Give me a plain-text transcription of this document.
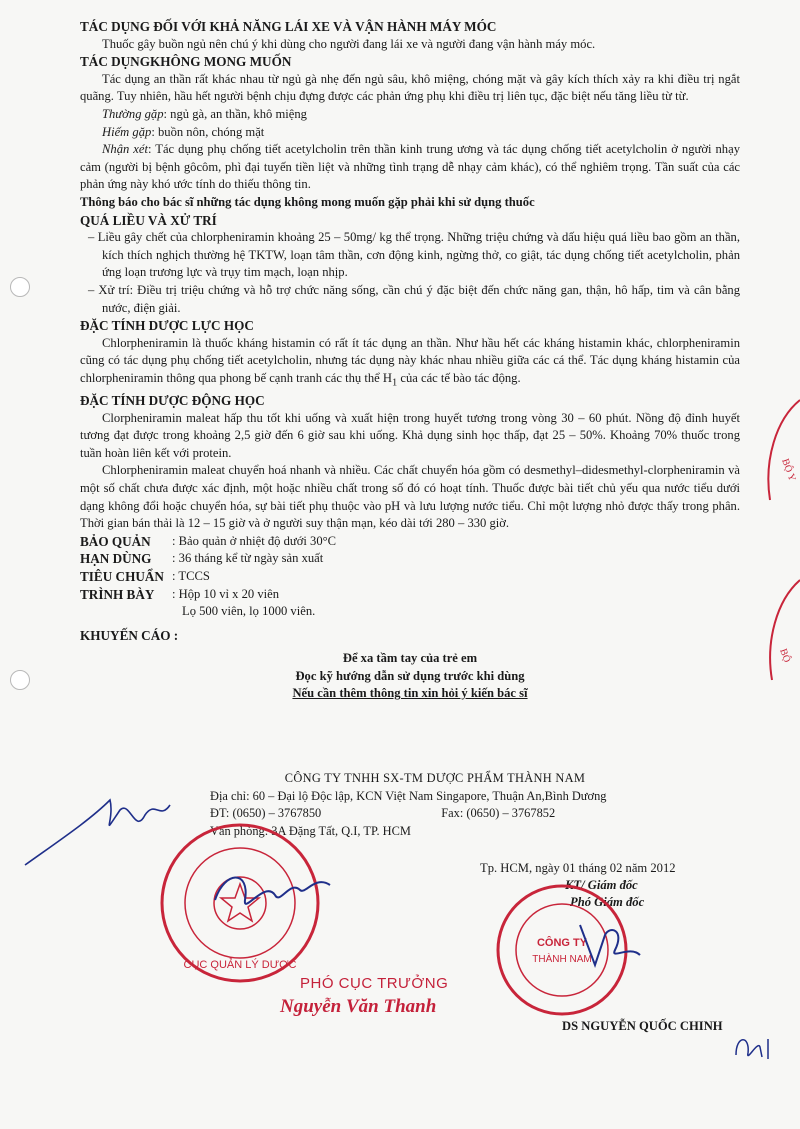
BỘ Y
BỘ

TÁC DỤNG ĐỐI VỚI KHẢ NĂNG LÁI XE VÀ VẬN HÀNH MÁY MÓC

Thuốc gây buồn ngủ nên chú ý khi dùng cho người đang lái xe và người đang vận hành máy móc.

TÁC DỤNGKHÔNG MONG MUỐN

Tác dụng an thần rất khác nhau từ ngủ gà nhẹ đến ngủ sâu, khô miệng, chóng mặt và gây kích thích xảy ra khi điều trị ngắt quãng. Tuy nhiên, hầu hết người bệnh chịu đựng được các phản ứng phụ khi điều trị liên tục, đặc biệt nếu tăng liều từ từ.

Thường gặp: ngủ gà, an thần, khô miệng

Hiếm gặp: buồn nôn, chóng mặt

Nhận xét: Tác dụng phụ chống tiết acetylcholin trên thần kinh trung ương và tác dụng chống tiết acetylcholin ở người nhạy cảm (người bị bệnh gôcôm, phì đại tuyến tiền liệt và những tình trạng dễ nhạy cảm khác), có thể nghiêm trọng. Tần suất của các phản ứng này khó ước tính do thiếu thông tin.

Thông báo cho bác sĩ những tác dụng không mong muốn gặp phải khi sử dụng thuốc

QUÁ LIỀU VÀ XỬ TRÍ

– Liều gây chết của chlorpheniramin khoảng 25 – 50mg/ kg thể trọng. Những triệu chứng và dấu hiệu quá liều bao gồm an thần, kích thích nghịch thường hệ TKTW, loạn tâm thần, cơn động kinh, ngừng thở, co giật, tác dụng chống tiết acetylcholin, phản ứng loạn trương lực và trụy tim mạch, loạn nhịp.

– Xử trí: Điều trị triệu chứng và hỗ trợ chức năng sống, cần chú ý đặc biệt đến chức năng gan, thận, hô hấp, tim và cân bằng nước, điện giải.

ĐẶC TÍNH DƯỢC LỰC HỌC

Chlorpheniramin là thuốc kháng histamin có rất ít tác dụng an thần. Như hầu hết các kháng histamin khác, chlorpheniramin cũng có tác dụng phụ chống tiết acetylcholin, nhưng tác dụng này khác nhau nhiều giữa các cá thể. Tác dụng kháng histamin của chlorpheniramin thông qua phong bế cạnh tranh các thụ thể $H_1$ của các tế bào tác động.

ĐẶC TÍNH DƯỢC ĐỘNG HỌC

Clorpheniramin maleat hấp thu tốt khi uống và xuất hiện trong huyết tương trong vòng 30 – 60 phút. Nồng độ đỉnh huyết tương đạt được trong khoảng 2,5 giờ đến 6 giờ sau khi uống. Khả dụng sinh học thấp, đạt 25 – 50%. Khoảng 70% thuốc trong tuần hoàn liên kết với protein.

Chlorpheniramin maleat chuyển hoá nhanh và nhiều. Các chất chuyển hóa gồm có desmethyl–didesmethyl-clorpheniramin và một số chất chưa được xác định, một hoặc nhiều chất trong số đó có hoạt tính. Thuốc được bài tiết chủ yếu qua nước tiểu dưới dạng không đổi hoặc chuyển hóa, sự bài tiết phụ thuộc vào pH và lưu lượng nước tiểu. Chỉ một lượng nhỏ được thấy trong phân. Thời gian bán thải là 12 – 15 giờ và ở người suy thận mạn, kéo dài tới 280 – 330 giờ.

BẢO QUẢN	: Bảo quản ở nhiệt độ dưới 30°C
HẠN DÙNG	: 36 tháng kể từ ngày sản xuất
TIÊU CHUẨN : TCCS
TRÌNH BÀY	: Hộp 10 vỉ x 20 viên
Lọ 500 viên, lọ 1000 viên.

KHUYẾN CÁO :

Để xa tầm tay của trẻ em

Đọc kỹ hướng dẫn sử dụng trước khi dùng

Nếu cần thêm thông tin xin hỏi ý kiến bác sĩ

CÔNG TY TNHH SX-TM DƯỢC PHẨM THÀNH NAM
Địa chỉ: 60 – Đại lộ Độc lập, KCN Việt Nam Singapore, Thuận An,Bình Dương
ĐT: (0650) – 3767850	Fax: (0650) – 3767852
Văn phòng: 3A Đặng Tất, Q.I, TP. HCM
CỤC QUẢN LÝ DƯỢC
PHÓ CỤC TRƯỞNG
Nguyễn Văn Thanh
Tp. HCM, ngày 01 tháng 02 năm 2012
KT/ Giám đốc
Phó Giám đốc
CÔNG TY
THÀNH NAM
DS NGUYỄN QUỐC CHINH
